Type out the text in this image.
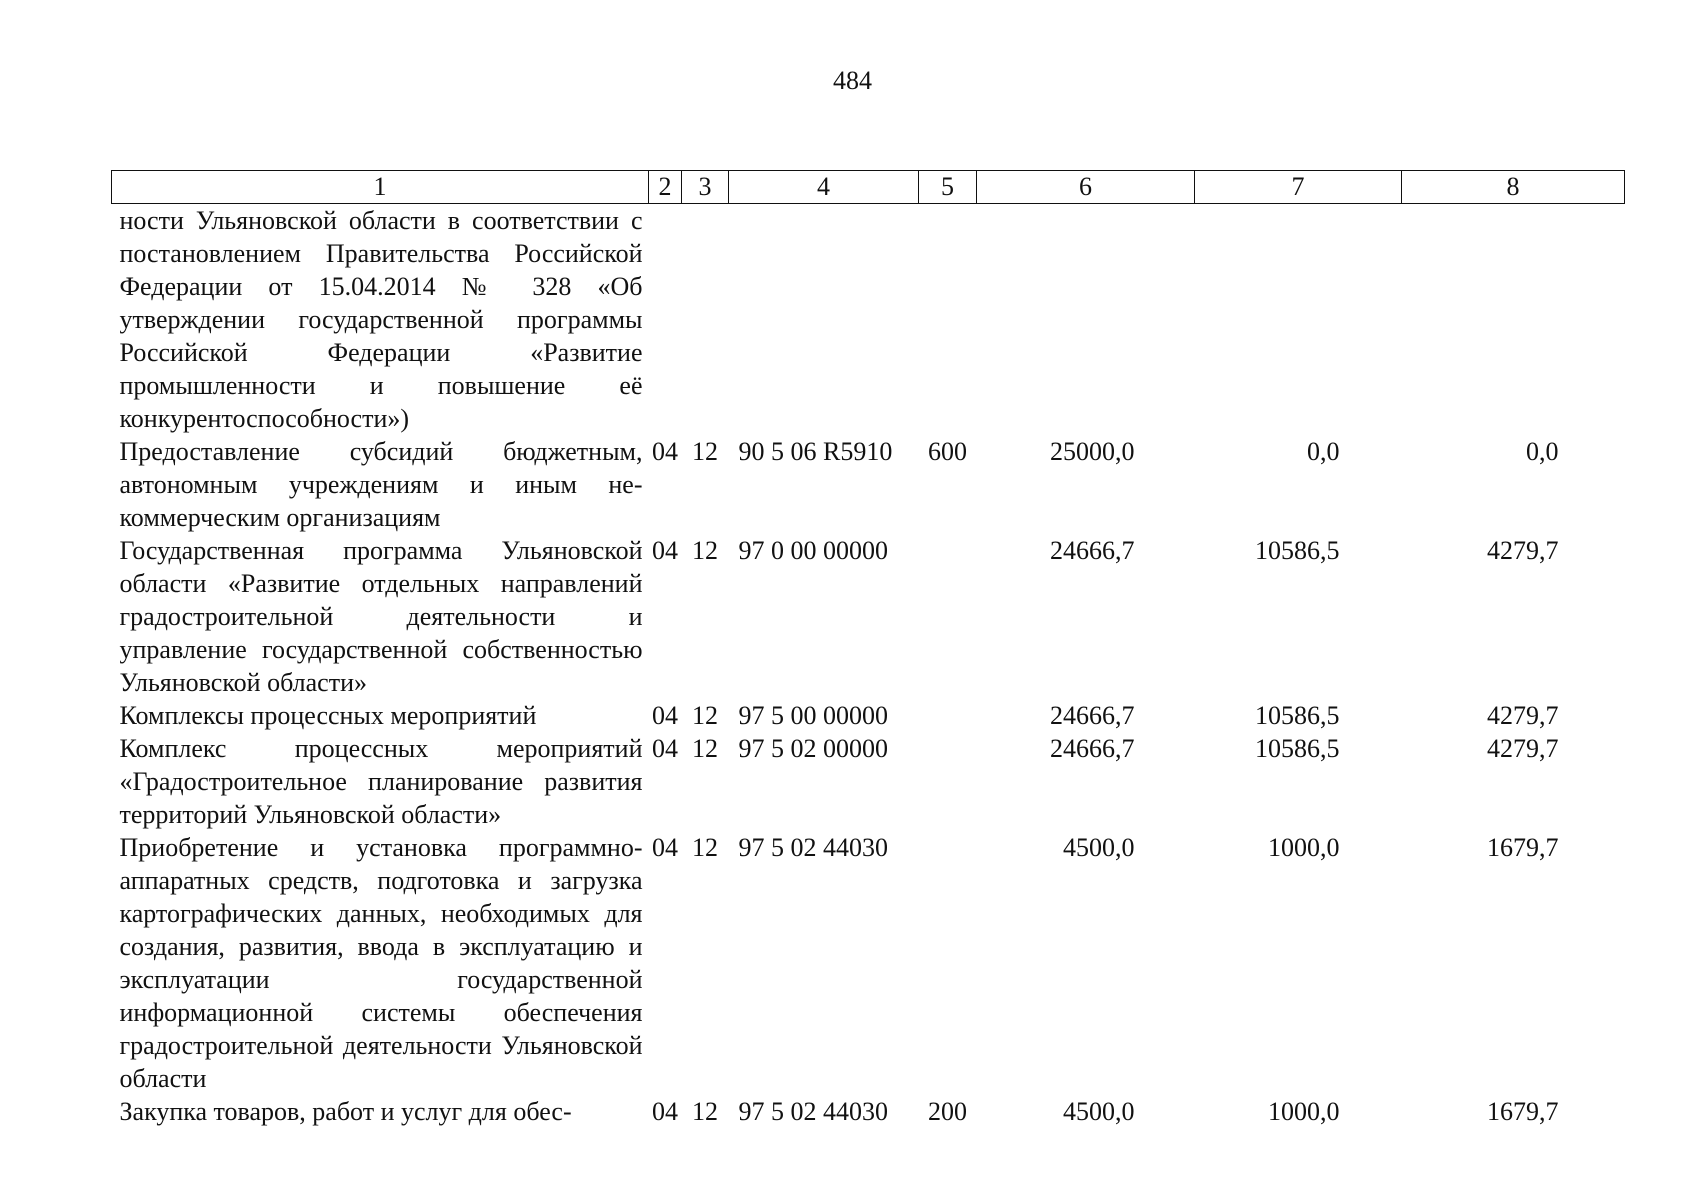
484
1	2	3	4	5	6	7	8
ности Ульяновской области в соответствии с постановлением Правительства Российской Федерации от 15.04.2014 № 328 «Об утверждении государственной программы Российской Федерации «Развитие промышленности и повышение её конкурентоспособности»)							
Предоставление субсидий бюджетным, автономным учреждениям и иным некоммерческим организациям	04	12	90 5 06 R5910	600	25000,0	0,0	0,0
Государственная программа Ульяновской области «Развитие отдельных направлений градостроительной деятельности и управление государственной собственностью Ульяновской области»	04	12	97 0 00 00000		24666,7	10586,5	4279,7
Комплексы процессных мероприятий	04	12	97 5 00 00000		24666,7	10586,5	4279,7
Комплекс процессных мероприятий «Градостроительное планирование развития территорий Ульяновской области»	04	12	97 5 02 00000		24666,7	10586,5	4279,7
Приобретение и установка программно-аппаратных средств, подготовка и загрузка картографических данных, необходимых для создания, развития, ввода в эксплуатацию и эксплуатации государственной информационной системы обеспечения градостроительной деятельности Ульяновской области	04	12	97 5 02 44030		4500,0	1000,0	1679,7
Закупка товаров, работ и услуг для обес-	04	12	97 5 02 44030	200	4500,0	1000,0	1679,7
